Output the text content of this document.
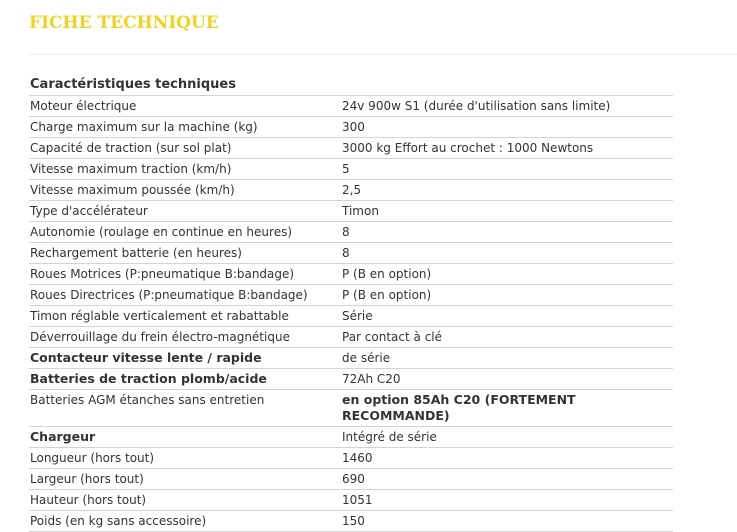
FICHE TECHNIQUE
Caractéristiques techniques	
Moteur électrique	24v 900w S1 (durée d'utilisation sans limite)
Charge maximum sur la machine (kg)	300
Capacité de traction (sur sol plat)	3000 kg Effort au crochet : 1000 Newtons
Vitesse maximum traction (km/h)	5
Vitesse maximum poussée (km/h)	2,5
Type d'accélérateur	Timon
Autonomie (roulage en continue en heures)	8
Rechargement batterie (en heures)	8
Roues Motrices (P:pneumatique B:bandage)	P (B en option)
Roues Directrices (P:pneumatique B:bandage)	P (B en option)
Timon réglable verticalement et rabattable	Série
Déverrouillage du frein électro-magnétique	Par contact à clé
Contacteur vitesse lente / rapide	de série
Batteries de traction plomb/acide	72Ah C20
Batteries AGM étanches sans entretien	en option 85Ah C20 (FORTEMENT RECOMMANDE)
Chargeur	Intégré de série
Longueur (hors tout)	1460
Largeur (hors tout)	690
Hauteur (hors tout)	1051
Poids (en kg sans accessoire)	150
